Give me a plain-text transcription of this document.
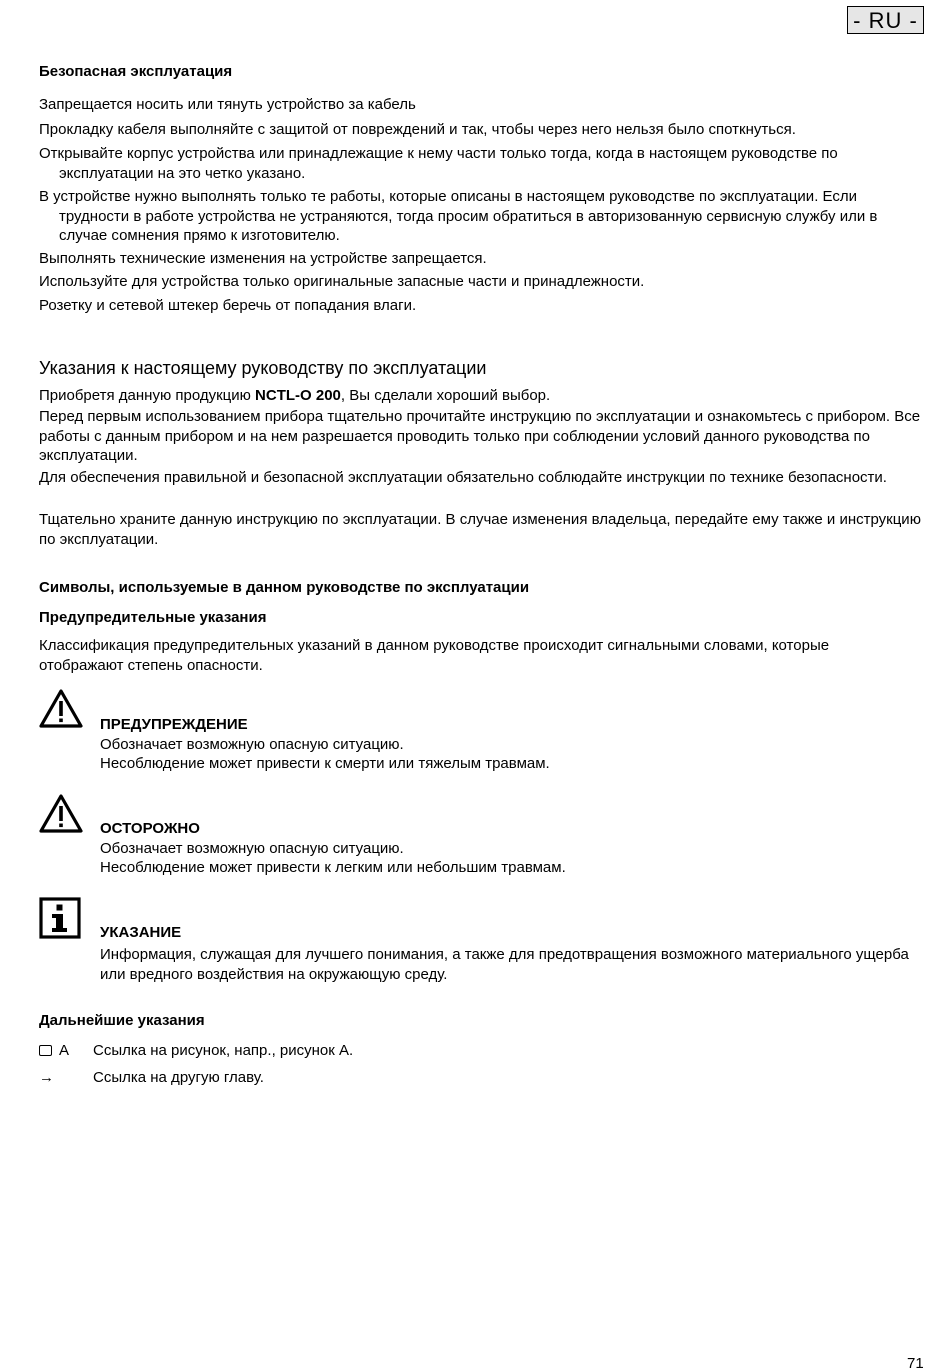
- RU -
Безопасная эксплуатация

Запрещается носить или тянуть устройство за кабель

Прокладку кабеля выполняйте с защитой от повреждений и так, чтобы через него нельзя было споткнуться.

Открывайте корпус устройства или принадлежащие к нему части только тогда, когда в настоящем руководстве по эксплуатации на это четко указано.

В устройстве нужно выполнять только те работы, которые описаны в настоящем руководстве по эксплуатации. Если трудности в работе устройства не устраняются, тогда просим обратиться в авторизованную сервисную службу или в случае сомнения прямо к изготовителю.

Выполнять технические изменения на устройстве запрещается.

Используйте для устройства только оригинальные запасные части и принадлежности.

Розетку и сетевой штекер беречь от попадания влаги.

Указания к настоящему руководству по эксплуатации

Приобретя данную продукцию NCTL-O 200, Вы сделали хороший выбор.

Перед первым использованием прибора тщательно прочитайте инструкцию по эксплуатации и ознакомьтесь с прибором. Все работы с данным прибором и на нем разрешается проводить только при соблюдении условий данного руководства по эксплуатации.

Для обеспечения правильной и безопасной эксплуатации обязательно соблюдайте инструкции по технике безопасности.

Тщательно храните данную инструкцию по эксплуатации. В случае изменения владельца, передайте ему также и инструкцию по эксплуатации.

Символы, используемые в данном руководстве по эксплуатации
Предупредительные указания

Классификация предупредительных указаний в данном руководстве происходит сигнальными словами, которые отображают степень опасности.

ПРЕДУПРЕЖДЕНИЕ

Обозначает возможную опасную ситуацию.

Несоблюдение может привести к смерти или тяжелым травмам.

ОСТОРОЖНО

Обозначает возможную опасную ситуацию.

Несоблюдение может привести к легким или небольшим травмам.

УКАЗАНИЕ

Информация, служащая для лучшего понимания, а также для предотвращения возможного материального ущерба или вредного воздействия на окружающую среду.

Дальнейшие указания
A Ссылка на рисунок, напр., рисунок A.
→	Ссылка на другую главу.
71
